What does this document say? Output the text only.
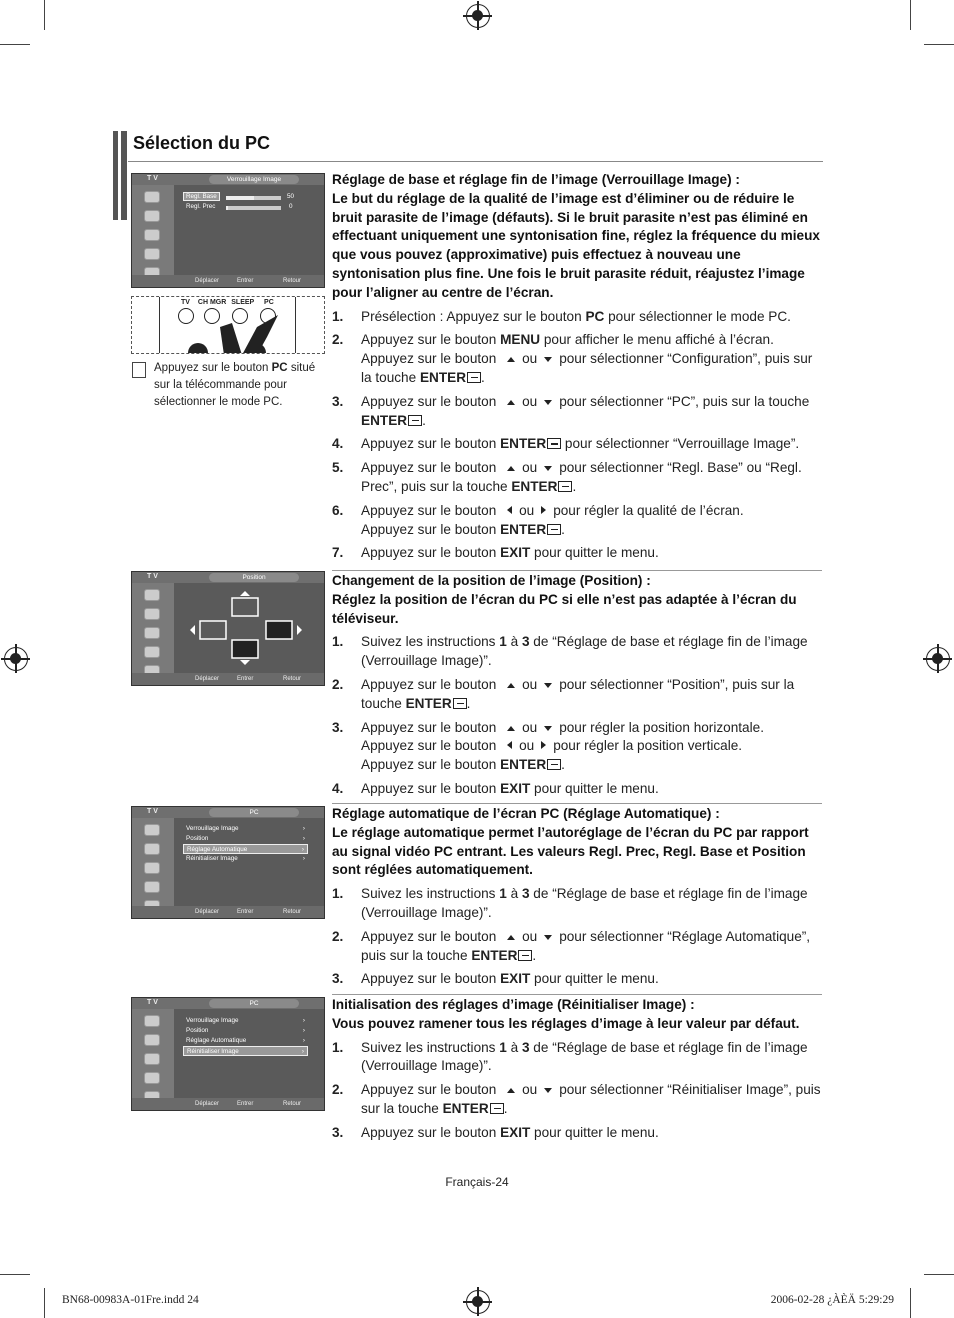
Sélection du PC
T V	Verrouillage Image
Regl. Base	50
Regl. Prec	0
Déplacer	Entrer	Retour
TV CH MGR SLEEP PC
Appuyez sur le bouton PC situé sur la télécommande pour sélectionner le mode PC.
Réglage de base et réglage fin de l’image (Verrouillage Image) :
Le but du réglage de la qualité de l’image est d’éliminer ou de réduire le bruit parasite de l’image (défauts). Si le bruit parasite n’est pas éliminé en effectuant uniquement une syntonisation fine, réglez la fréquence du mieux que vous pouvez (approximative) puis effectuez à nouveau une syntonisation plus fine. Une fois le bruit parasite réduit, réajustez l’image pour l’aligner au centre de l’écran.
1.	Présélection : Appuyez sur le bouton PC pour sélectionner le mode PC.
2.	Appuyez sur le bouton MENU pour afficher le menu affiché à l’écran.
Appuyez sur le bouton ou pour sélectionner “Configuration”, puis sur la touche ENTER .
3.	Appuyez sur le bouton ou pour sélectionner “PC”, puis sur la touche ENTER .
4.	Appuyez sur le bouton ENTER pour sélectionner “Verrouillage Image”.
5.	Appuyez sur le bouton ou pour sélectionner “Regl. Base” ou “Regl. Prec”, puis sur la touche ENTER .
6.	Appuyez sur le bouton ou pour régler la qualité de l’écran.
Appuyez sur le bouton ENTER .
7.	Appuyez sur le bouton EXIT pour quitter le menu.
T V	Position
Déplacer	Entrer	Retour
Changement de la position de l’image (Position) :
Réglez la position de l’écran du PC si elle n’est pas adaptée à l’écran du téléviseur.
1.	Suivez les instructions 1 à 3 de “Réglage de base et réglage fin de l’image (Verrouillage Image)”.
2.	Appuyez sur le bouton ou pour sélectionner “Position”, puis sur la touche ENTER .
3.	Appuyez sur le bouton ou pour régler la position horizontale.
Appuyez sur le bouton ou pour régler la position verticale.
Appuyez sur le bouton ENTER .
4.	Appuyez sur le bouton EXIT pour quitter le menu.
T V	PC
Verrouillage Image ›
Position ›
Réglage Automatique ›
Réinitialiser Image ›
Déplacer	Entrer	Retour
Réglage automatique de l’écran PC (Réglage Automatique) :
Le réglage automatique permet l’autoréglage de l’écran du PC par rapport au signal vidéo PC entrant. Les valeurs Regl. Prec, Regl. Base et Position sont réglées automatiquement.
1.	Suivez les instructions 1 à 3 de “Réglage de base et réglage fin de l’image (Verrouillage Image)”.
2.	Appuyez sur le bouton ou pour sélectionner “Réglage Automatique”, puis sur la touche ENTER .
3.	Appuyez sur le bouton EXIT pour quitter le menu.
T V	PC
Verrouillage Image ›
Position ›
Réglage Automatique ›
Réinitialiser Image ›
Déplacer	Entrer	Retour
Initialisation des réglages d’image (Réinitialiser Image) :
Vous pouvez ramener tous les réglages d’image à leur valeur par défaut.
1.	Suivez les instructions 1 à 3 de “Réglage de base et réglage fin de l’image (Verrouillage Image)”.
2.	Appuyez sur le bouton ou pour sélectionner “Réinitialiser Image”, puis sur la touche ENTER .
3.	Appuyez sur le bouton EXIT pour quitter le menu.
Français-24
BN68-00983A-01Fre.indd 24	2006-02-28 ¿ÀÈÄ 5:29:29
